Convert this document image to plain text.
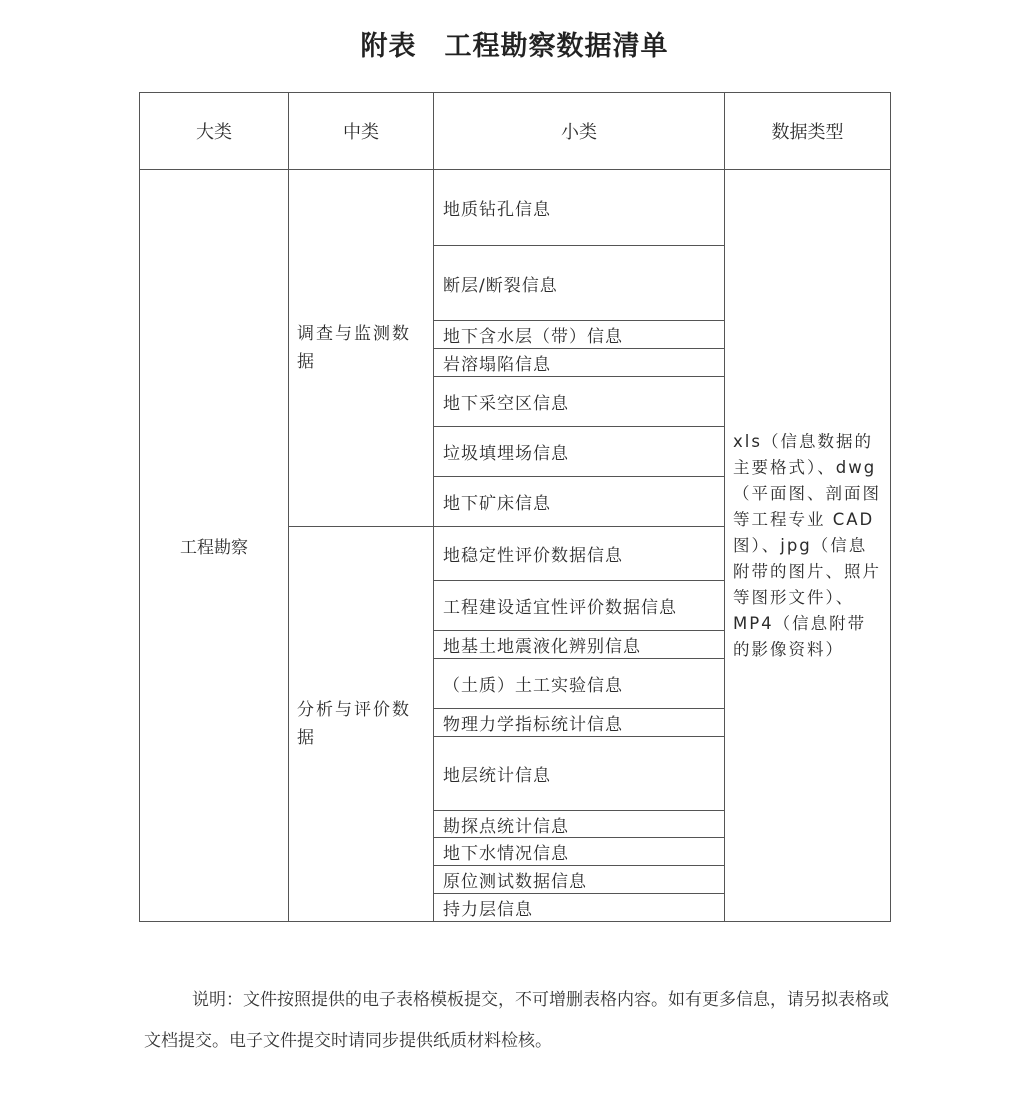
附表　工程勘察数据清单
大类	中类	小类	数据类型
工程勘察	调查与监测数据	地质钻孔信息	xls（信息数据的主要格式）、dwg（平面图、剖面图等工程专业 CAD 图）、jpg（信息附带的图片、照片等图形文件）、MP4（信息附带的影像资料）
		断层/断裂信息	
		地下含水层（带）信息	
		岩溶塌陷信息	
		地下采空区信息	
		垃圾填埋场信息	
		地下矿床信息	
	分析与评价数据	地稳定性评价数据信息	
		工程建设适宜性评价数据信息	
		地基土地震液化辨别信息	
		（土质）土工实验信息	
		物理力学指标统计信息	
		地层统计信息	
		勘探点统计信息	
		地下水情况信息	
		原位测试数据信息	
		持力层信息	
说明：文件按照提供的电子表格模板提交，不可增删表格内容。如有更多信息，请另拟表格或文档提交。电子文件提交时请同步提供纸质材料检核。
